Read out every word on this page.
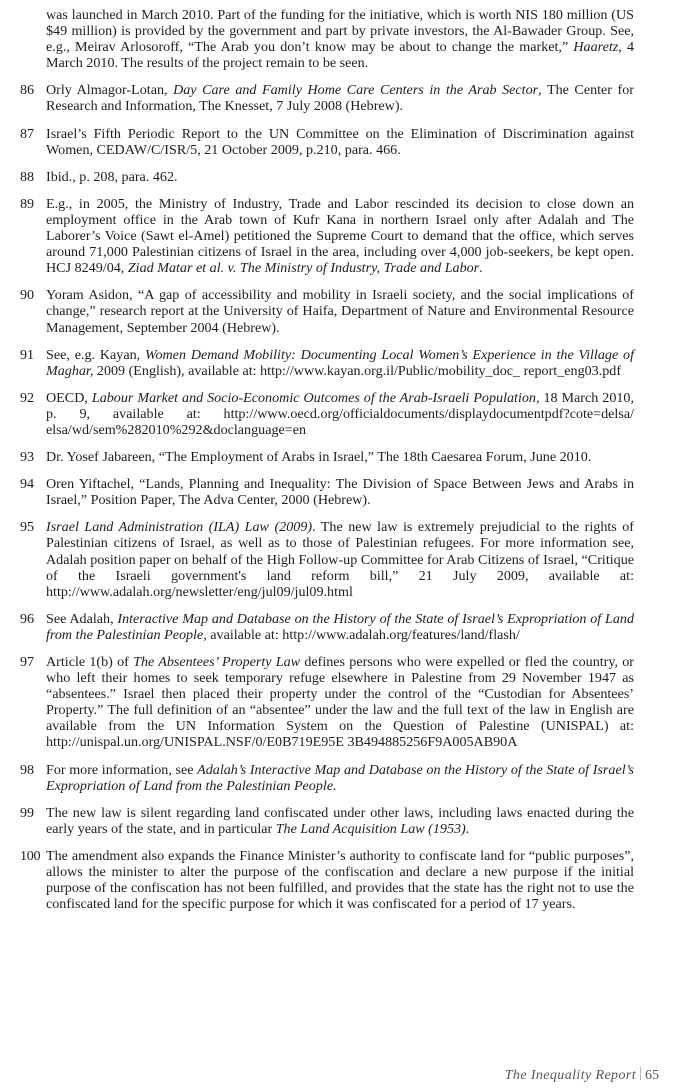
was launched in March 2010. Part of the funding for the initiative, which is worth NIS 180 million (US $49 million) is provided by the government and part by private investors, the Al-Bawader Group. See, e.g., Meirav Arlosoroff, “The Arab you don’t know may be about to change the market,” Haaretz, 4 March 2010. The results of the project remain to be seen.
86 Orly Almagor-Lotan, Day Care and Family Home Care Centers in the Arab Sector, The Center for Research and Information, The Knesset, 7 July 2008 (Hebrew).
87 Israel’s Fifth Periodic Report to the UN Committee on the Elimination of Discrimination against Women, CEDAW/C/ISR/5, 21 October 2009, p.210, para. 466.
88 Ibid., p. 208, para. 462.
89 E.g., in 2005, the Ministry of Industry, Trade and Labor rescinded its decision to close down an employment office in the Arab town of Kufr Kana in northern Israel only after Adalah and The Laborer’s Voice (Sawt el-Amel) petitioned the Supreme Court to demand that the office, which serves around 71,000 Palestinian citizens of Israel in the area, including over 4,000 job-seekers, be kept open. HCJ 8249/04, Ziad Matar et al. v. The Ministry of Industry, Trade and Labor.
90 Yoram Asidon, “A gap of accessibility and mobility in Israeli society, and the social implications of change,” research report at the University of Haifa, Department of Nature and Environmental Resource Management, September 2004 (Hebrew).
91 See, e.g. Kayan, Women Demand Mobility: Documenting Local Women’s Experience in the Village of Maghar, 2009 (English), available at: http://www.kayan.org.il/Public/mobility_doc_ report_eng03.pdf
92 OECD, Labour Market and Socio-Economic Outcomes of the Arab-Israeli Population, 18 March 2010, p. 9, available at: http://www.oecd.org/officialdocuments/displaydocumentpdf?cote=delsa/ elsa/wd/sem%282010%292&doclanguage=en
93 Dr. Yosef Jabareen, “The Employment of Arabs in Israel,” The 18th Caesarea Forum, June 2010.
94 Oren Yiftachel, “Lands, Planning and Inequality: The Division of Space Between Jews and Arabs in Israel,” Position Paper, The Adva Center, 2000 (Hebrew).
95 Israel Land Administration (ILA) Law (2009). The new law is extremely prejudicial to the rights of Palestinian citizens of Israel, as well as to those of Palestinian refugees. For more information see, Adalah position paper on behalf of the High Follow-up Committee for Arab Citizens of Israel, “Critique of the Israeli government's land reform bill,” 21 July 2009, available at: http://www.adalah.org/newsletter/eng/jul09/jul09.html
96 See Adalah, Interactive Map and Database on the History of the State of Israel’s Expropriation of Land from the Palestinian People, available at: http://www.adalah.org/features/land/flash/
97 Article 1(b) of The Absentees’ Property Law defines persons who were expelled or fled the country, or who left their homes to seek temporary refuge elsewhere in Palestine from 29 November 1947 as “absentees.” Israel then placed their property under the control of the “Custodian for Absentees’ Property.” The full definition of an “absentee” under the law and the full text of the law in English are available from the UN Information System on the Question of Palestine (UNISPAL) at: http://unispal.un.org/UNISPAL.NSF/0/E0B719E95E 3B494885256F9A005AB90A
98 For more information, see Adalah’s Interactive Map and Database on the History of the State of Israel’s Expropriation of Land from the Palestinian People.
99 The new law is silent regarding land confiscated under other laws, including laws enacted during the early years of the state, and in particular The Land Acquisition Law (1953).
100 The amendment also expands the Finance Minister’s authority to confiscate land for “public purposes”, allows the minister to alter the purpose of the confiscation and declare a new purpose if the initial purpose of the confiscation has not been fulfilled, and provides that the state has the right not to use the confiscated land for the specific purpose for which it was confiscated for a period of 17 years.
The Inequality Report 65
